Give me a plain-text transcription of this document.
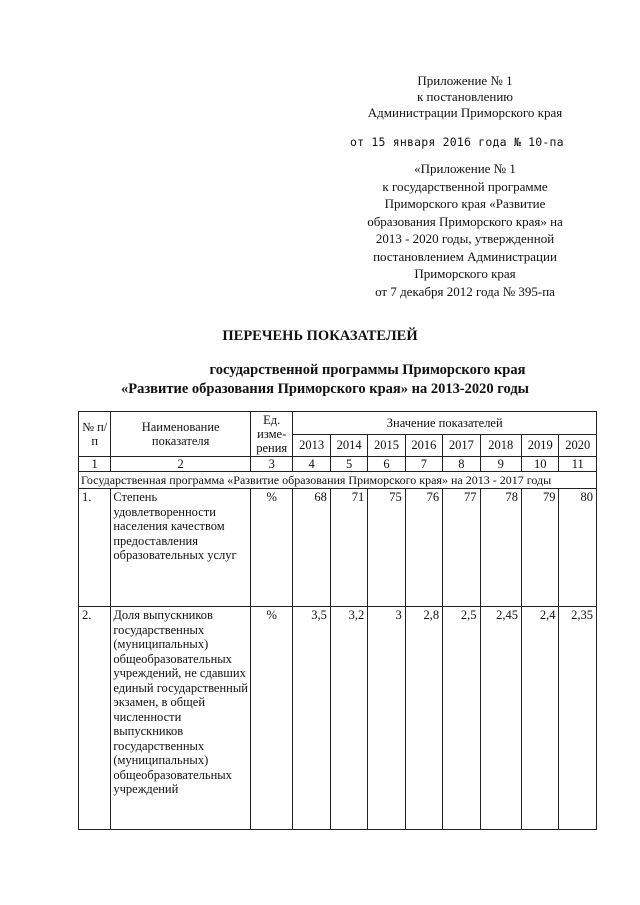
Приложение № 1
к постановлению
Администрации Приморского края
от 15 января 2016 года № 10-па
«Приложение № 1
к государственной программе
Приморского края «Развитие
образования Приморского края» на
2013 - 2020 годы, утвержденной
постановлением Администрации
Приморского края
от 7 декабря 2012 года № 395-па
ПЕРЕЧЕНЬ ПОКАЗАТЕЛЕЙ
государственной программы Приморского края
«Развитие образования Приморского края» на 2013-2020 годы
№ п/п	Наименование показателя	Ед. изме-рения	Значение показателей							
			2013	2014	2015	2016	2017	2018	2019	2020
1	2	3	4	5	6	7	8	9	10	11
Государственная программа «Развитие образования Приморского края» на 2013 - 2017 годы										
1.	Степень удовлетворенности населения качеством предоставления образовательных услуг	%	68	71	75	76	77	78	79	80
2.	Доля выпускников государственных (муниципальных) общеобразовательных учреждений, не сдавших единый государственный экзамен, в общей численности выпускников государственных (муниципальных) общеобразовательных учреждений	%	3,5	3,2	3	2,8	2,5	2,45	2,4	2,35
